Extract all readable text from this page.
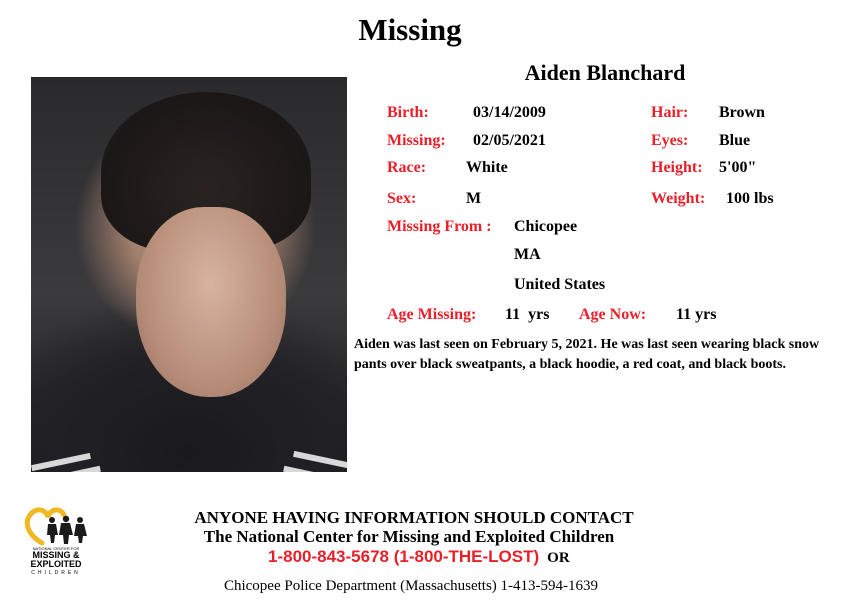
Missing
Aiden Blanchard
Birth:	03/14/2009
Missing: 02/05/2021
Race: White
Sex:	M
Missing From : Chicopee
MA
United States
Hair: Brown
Eyes: Blue
Height: 5'00"
Weight: 100 lbs
Age Missing: 11  yrs Age Now: 11 yrs
Aiden was last seen on February 5, 2021. He was last seen wearing black snow pants over black sweatpants, a black hoodie, a red coat, and black boots.
NATIONAL CENTER FOR
MISSING &
EXPLOITED
CHILDREN
ANYONE HAVING INFORMATION SHOULD CONTACT
The National Center for Missing and Exploited Children
1-800-843-5678 (1-800-THE-LOST) OR
Chicopee Police Department (Massachusetts) 1-413-594-1639
